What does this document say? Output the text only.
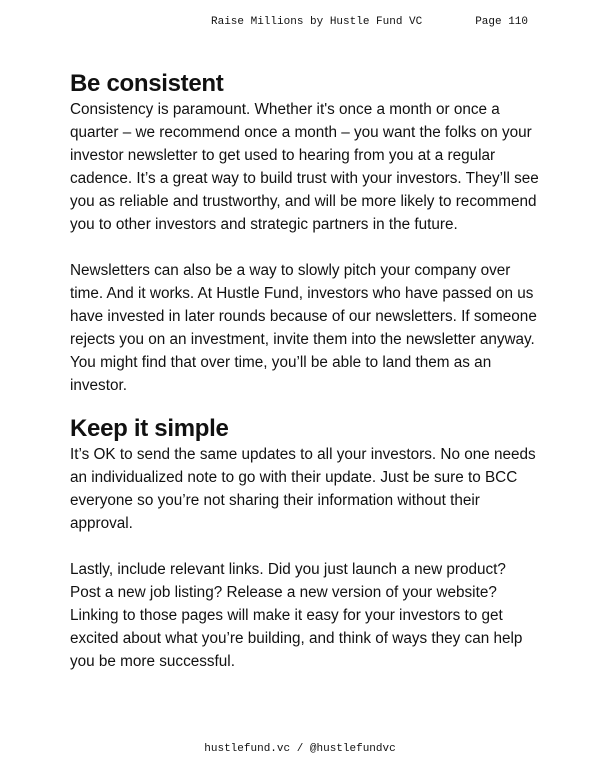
Raise Millions by Hustle Fund VC	Page 110
Be consistent

Consistency is paramount. Whether it's once a month or once a quarter – we recommend once a month – you want the folks on your investor newsletter to get used to hearing from you at a regular cadence. It’s a great way to build trust with your investors. They’ll see you as reliable and trustworthy, and will be more likely to recommend you to other investors and strategic partners in the future.

Newsletters can also be a way to slowly pitch your company over time. And it works. At Hustle Fund, investors who have passed on us have invested in later rounds because of our newsletters. If someone rejects you on an investment, invite them into the newsletter anyway. You might find that over time, you’ll be able to land them as an investor.

Keep it simple

It’s OK to send the same updates to all your investors. No one needs an individualized note to go with their update. Just be sure to BCC everyone so you’re not sharing their information without their approval.

Lastly, include relevant links. Did you just launch a new product? Post a new job listing? Release a new version of your website? Linking to those pages will make it easy for your investors to get excited about what you’re building, and think of ways they can help you be more successful.

hustlefund.vc / @hustlefundvc
